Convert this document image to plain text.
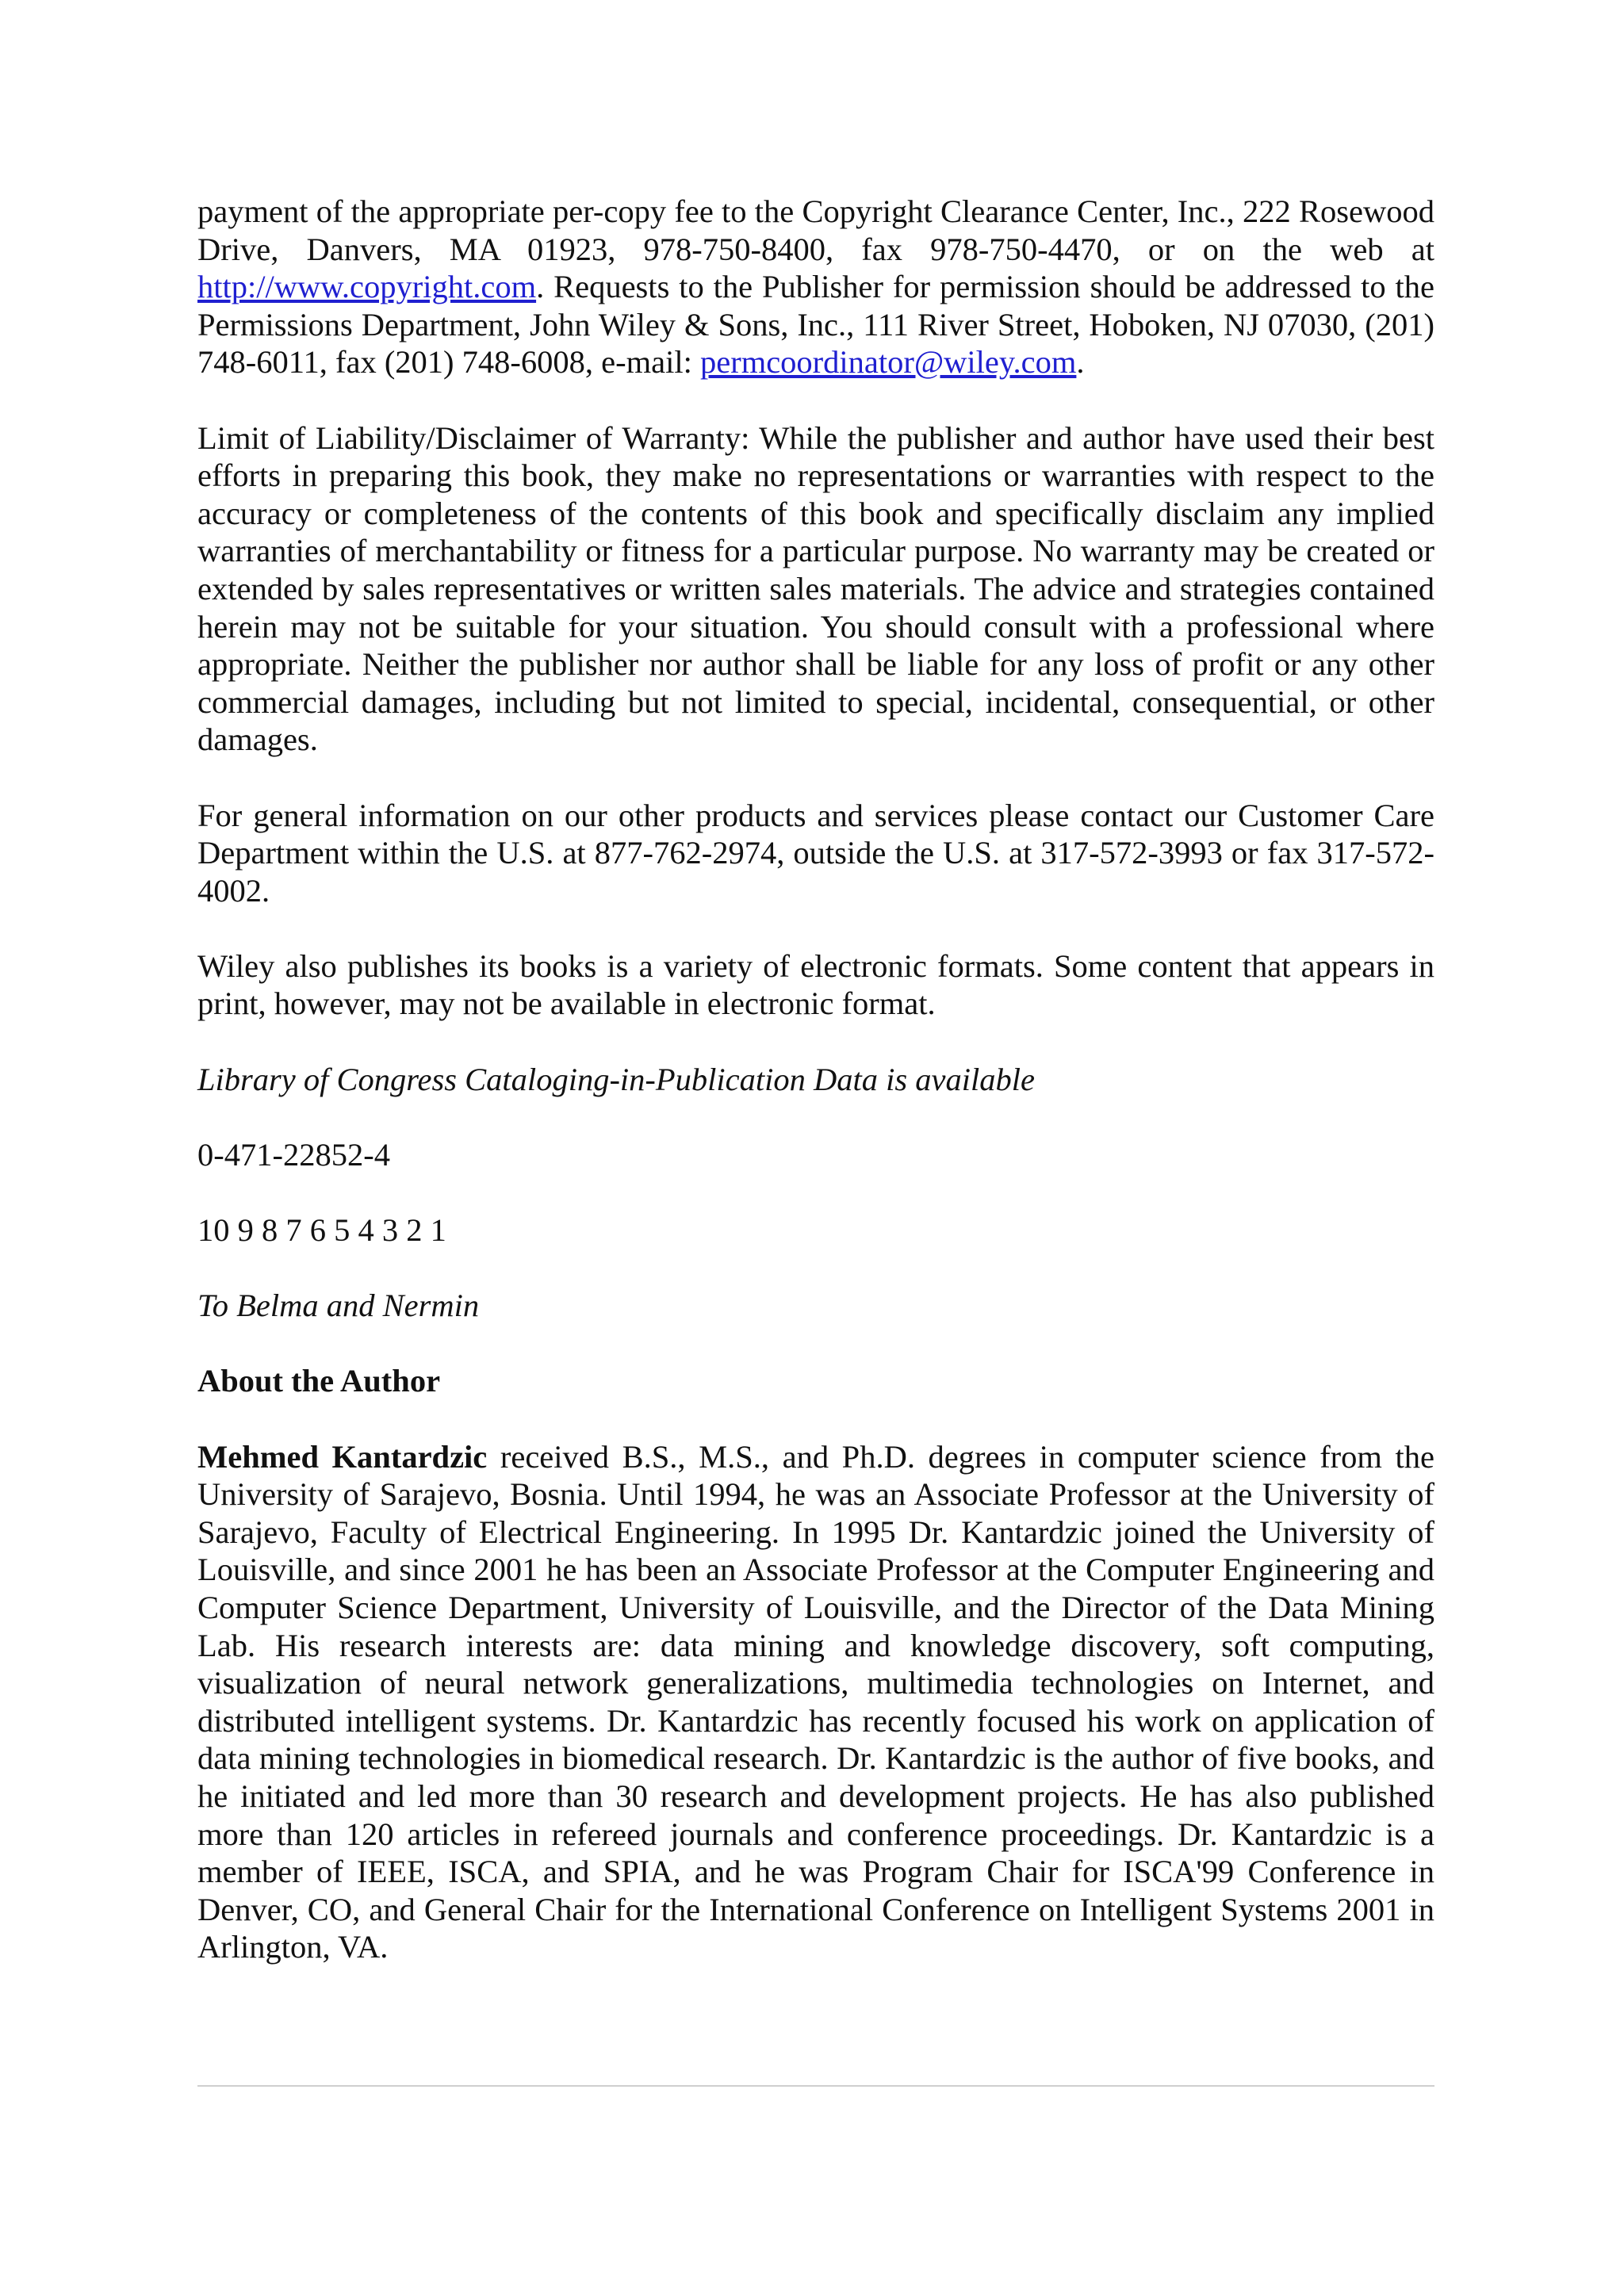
payment of the appropriate per-copy fee to the Copyright Clearance Center, Inc., 222 Rosewood Drive, Danvers, MA 01923, 978-750-8400, fax 978-750-4470, or on the web at http://www.copyright.com. Requests to the Publisher for permission should be addressed to the Permissions Department, John Wiley & Sons, Inc., 111 River Street, Hoboken, NJ 07030, (201) 748-6011, fax (201) 748-6008, e-mail: permcoordinator@wiley.com.

Limit of Liability/Disclaimer of Warranty: While the publisher and author have used their best efforts in preparing this book, they make no representations or warranties with respect to the accuracy or completeness of the contents of this book and specifically disclaim any implied warranties of merchantability or fitness for a particular purpose. No warranty may be created or extended by sales representatives or written sales materials. The advice and strategies contained herein may not be suitable for your situation. You should consult with a professional where appropriate. Neither the publisher nor author shall be liable for any loss of profit or any other commercial damages, including but not limited to special, incidental, consequential, or other damages.

For general information on our other products and services please contact our Customer Care Department within the U.S. at 877-762-2974, outside the U.S. at 317-572-3993 or fax 317-572-4002.

Wiley also publishes its books is a variety of electronic formats. Some content that appears in print, however, may not be available in electronic format.

Library of Congress Cataloging-in-Publication Data is available

0-471-22852-4

10 9 8 7 6 5 4 3 2 1

To Belma and Nermin

About the Author

Mehmed Kantardzic received B.S., M.S., and Ph.D. degrees in computer science from the University of Sarajevo, Bosnia. Until 1994, he was an Associate Professor at the University of Sarajevo, Faculty of Electrical Engineering. In 1995 Dr. Kantardzic joined the University of Louisville, and since 2001 he has been an Associate Professor at the Computer Engineering and Computer Science Department, University of Louisville, and the Director of the Data Mining Lab. His research interests are: data mining and knowledge discovery, soft computing, visualization of neural network generalizations, multimedia technologies on Internet, and distributed intelligent systems. Dr. Kantardzic has recently focused his work on application of data mining technologies in biomedical research. Dr. Kantardzic is the author of five books, and he initiated and led more than 30 research and development projects. He has also published more than 120 articles in refereed journals and conference proceedings. Dr. Kantardzic is a member of IEEE, ISCA, and SPIA, and he was Program Chair for ISCA'99 Conference in Denver, CO, and General Chair for the International Conference on Intelligent Systems 2001 in Arlington, VA.
